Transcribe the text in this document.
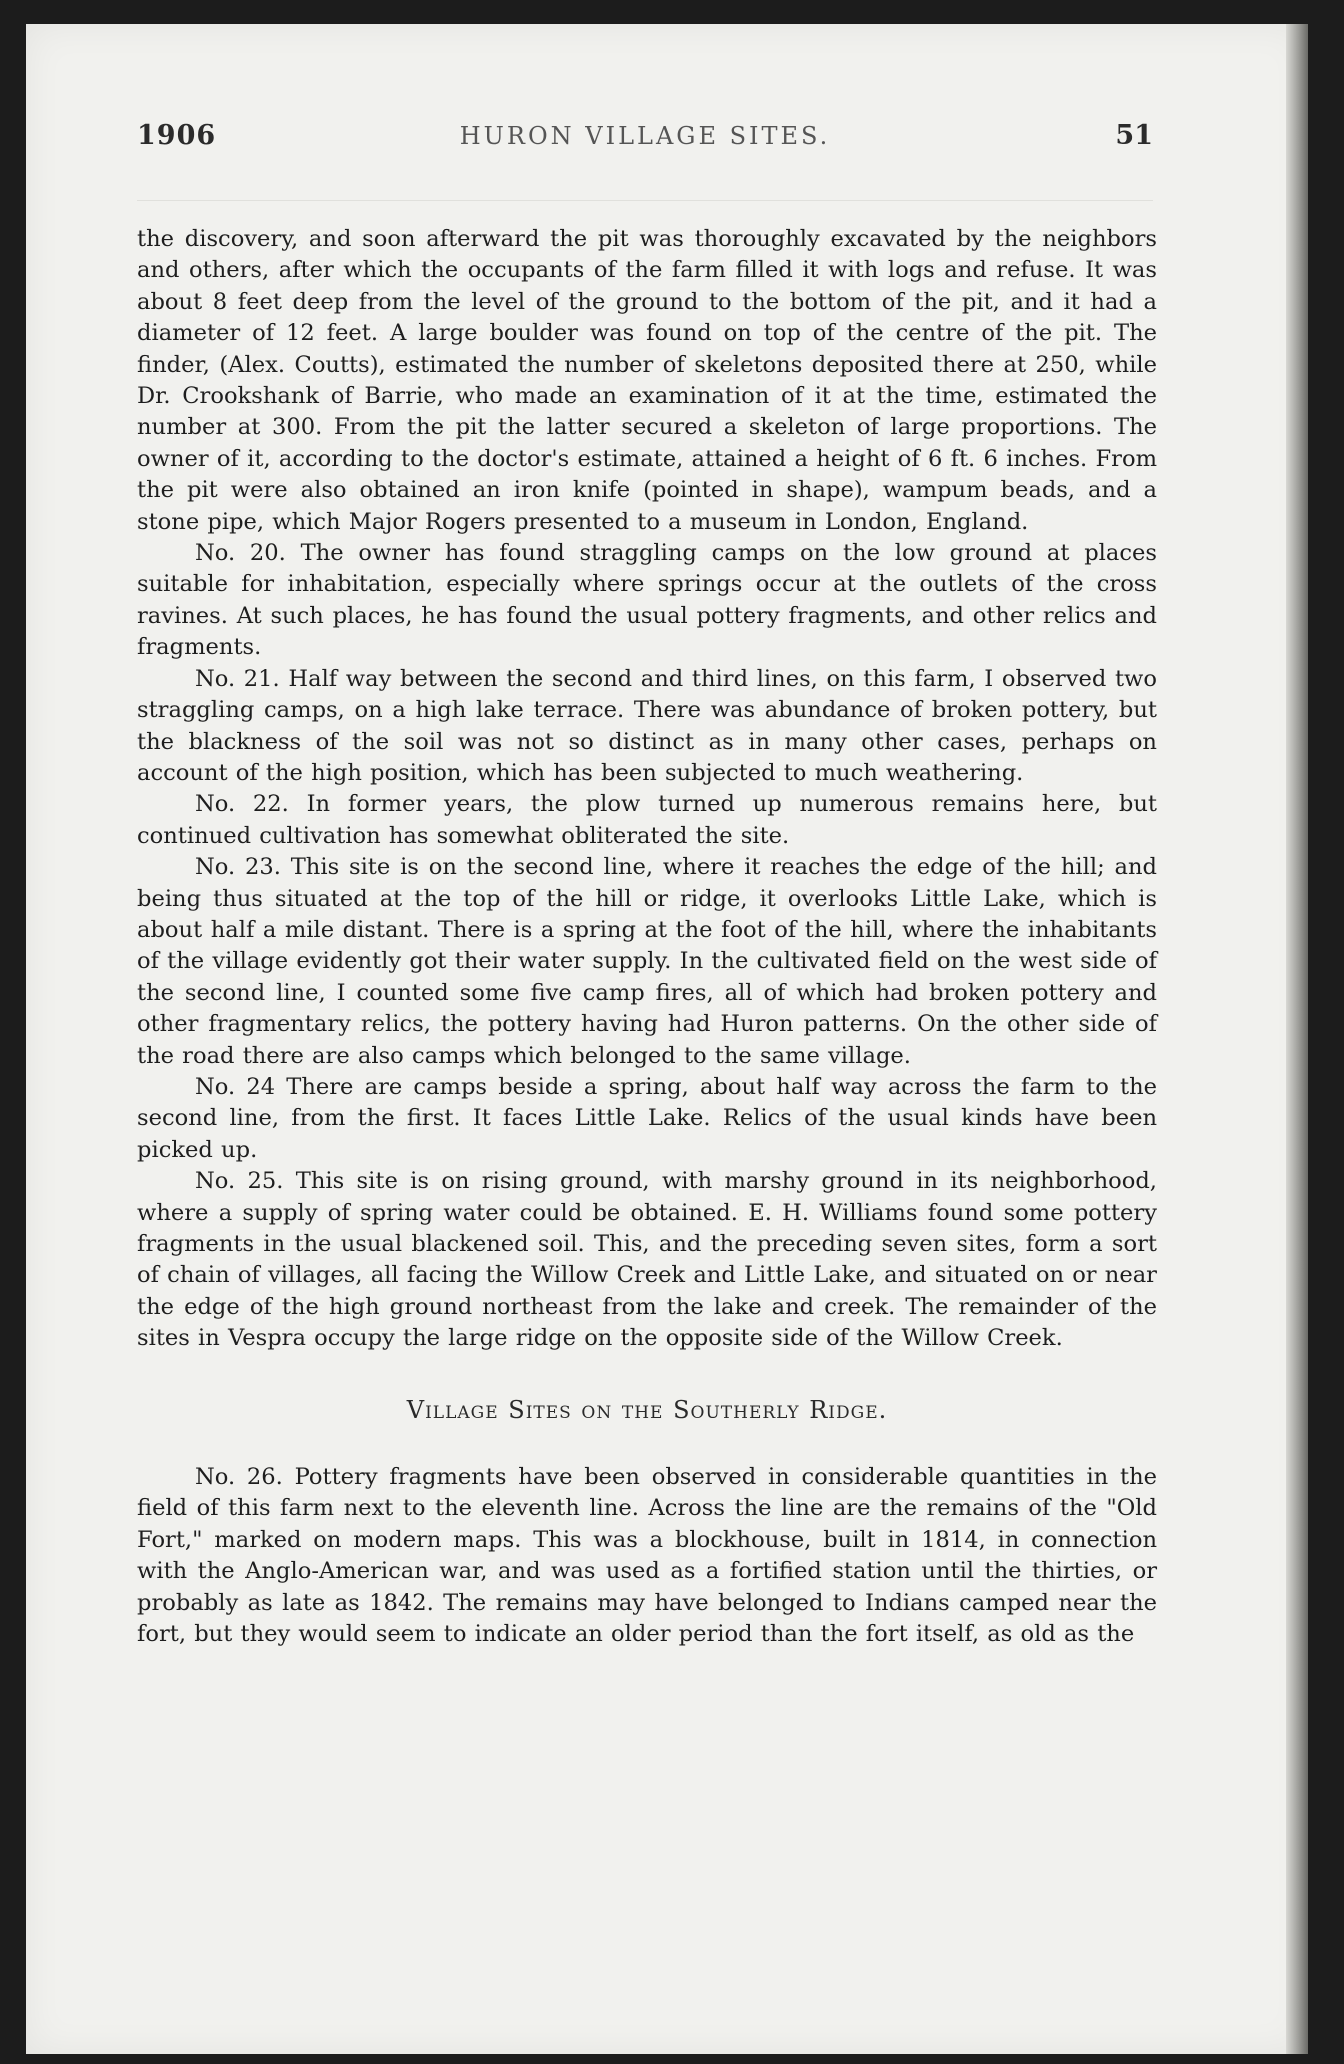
1906	HURON VILLAGE SITES.	51

the discovery, and soon afterward the pit was thoroughly excavated by the neighbors and others, after which the occupants of the farm filled it with logs and refuse. It was about 8 feet deep from the level of the ground to the bottom of the pit, and it had a diameter of 12 feet. A large boulder was found on top of the centre of the pit. The finder, (Alex. Coutts), estimated the number of skeletons deposited there at 250, while Dr. Crookshank of Barrie, who made an examination of it at the time, estimated the number at 300. From the pit the latter secured a skeleton of large proportions. The owner of it, according to the doctor's estimate, attained a height of 6 ft. 6 inches. From the pit were also obtained an iron knife (pointed in shape), wampum beads, and a stone pipe, which Major Rogers presented to a museum in London, England.

No. 20. The owner has found straggling camps on the low ground at places suitable for inhabitation, especially where springs occur at the outlets of the cross ravines. At such places, he has found the usual pottery fragments, and other relics and fragments.

No. 21. Half way between the second and third lines, on this farm, I observed two straggling camps, on a high lake terrace. There was abundance of broken pottery, but the blackness of the soil was not so distinct as in many other cases, perhaps on account of the high position, which has been subjected to much weathering.

No. 22. In former years, the plow turned up numerous remains here, but continued cultivation has somewhat obliterated the site.

No. 23. This site is on the second line, where it reaches the edge of the hill; and being thus situated at the top of the hill or ridge, it overlooks Little Lake, which is about half a mile distant. There is a spring at the foot of the hill, where the inhabitants of the village evidently got their water supply. In the cultivated field on the west side of the second line, I counted some five camp fires, all of which had broken pottery and other fragmentary relics, the pottery having had Huron patterns. On the other side of the road there are also camps which belonged to the same village.

No. 24 There are camps beside a spring, about half way across the farm to the second line, from the first. It faces Little Lake. Relics of the usual kinds have been picked up.

No. 25. This site is on rising ground, with marshy ground in its neighborhood, where a supply of spring water could be obtained. E. H. Williams found some pottery fragments in the usual blackened soil. This, and the preceding seven sites, form a sort of chain of villages, all facing the Willow Creek and Little Lake, and situated on or near the edge of the high ground northeast from the lake and creek. The remainder of the sites in Vespra occupy the large ridge on the opposite side of the Willow Creek.

Village Sites on the Southerly Ridge.

No. 26. Pottery fragments have been observed in considerable quantities in the field of this farm next to the eleventh line. Across the line are the remains of the "Old Fort," marked on modern maps. This was a blockhouse, built in 1814, in connection with the Anglo-American war, and was used as a fortified station until the thirties, or probably as late as 1842. The remains may have belonged to Indians camped near the fort, but they would seem to indicate an older period than the fort itself, as old as the
